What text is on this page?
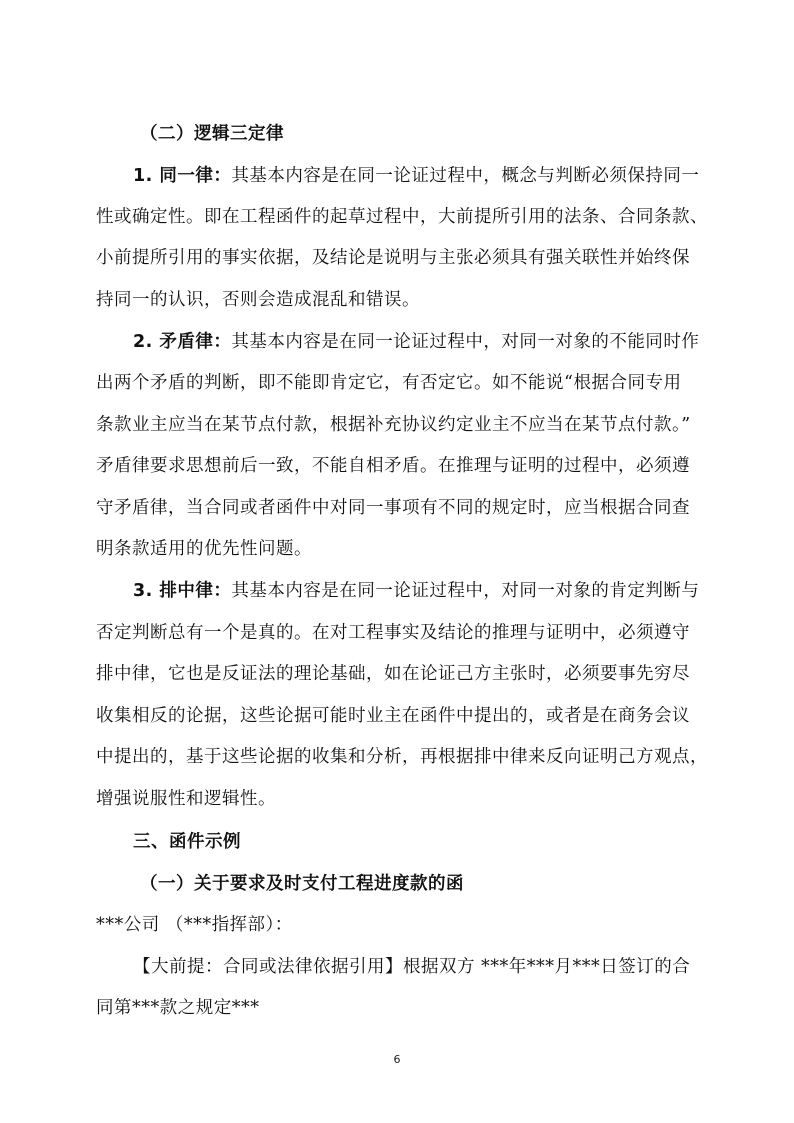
（二）逻辑三定律
1. 同一律：其基本内容是在同一论证过程中，概念与判断必须保持同一
性或确定性。即在工程函件的起草过程中，大前提所引用的法条、合同条款、
小前提所引用的事实依据，及结论是说明与主张必须具有强关联性并始终保
持同一的认识，否则会造成混乱和错误。
2. 矛盾律：其基本内容是在同一论证过程中，对同一对象的不能同时作
出两个矛盾的判断，即不能即肯定它，有否定它。如不能说“根据合同专用
条款业主应当在某节点付款，根据补充协议约定业主不应当在某节点付款。”
矛盾律要求思想前后一致，不能自相矛盾。在推理与证明的过程中，必须遵
守矛盾律，当合同或者函件中对同一事项有不同的规定时，应当根据合同查
明条款适用的优先性问题。
3. 排中律：其基本内容是在同一论证过程中，对同一对象的肯定判断与
否定判断总有一个是真的。在对工程事实及结论的推理与证明中，必须遵守
排中律，它也是反证法的理论基础，如在论证己方主张时，必须要事先穷尽
收集相反的论据，这些论据可能时业主在函件中提出的，或者是在商务会议
中提出的，基于这些论据的收集和分析，再根据排中律来反向证明己方观点，
增强说服性和逻辑性。
三、函件示例
（一）关于要求及时支付工程进度款的函
***公司 （***指挥部）：
【大前提：合同或法律依据引用】根据双方 ***年***月***日签订的合
同第***款之规定***
6
